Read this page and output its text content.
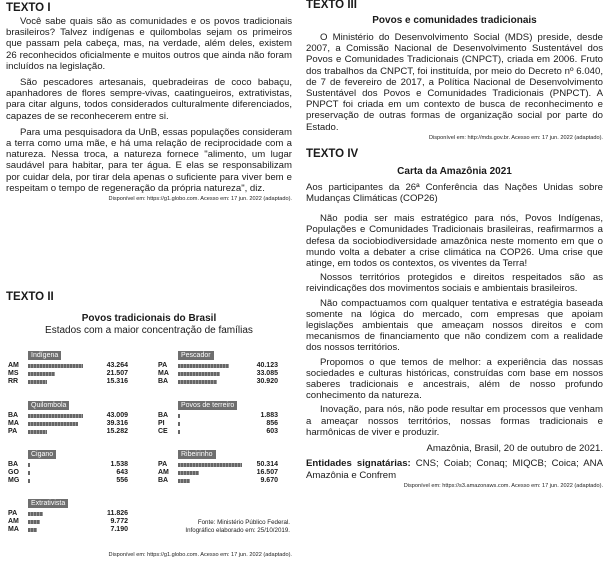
TEXTO I

Você sabe quais são as comunidades e os povos tradicionais brasileiros? Talvez indígenas e quilombolas sejam os primeiros que passam pela cabeça, mas, na verdade, além deles, existem 26 reconhecidos oficialmente e muitos outros que ainda não foram incluídos na legislação.

São pescadores artesanais, quebradeiras de coco babaçu, apanhadores de flores sempre-vivas, caatingueiros, extrativistas, para citar alguns, todos considerados culturalmente diferenciados, capazes de se reconhecerem entre si.

Para uma pesquisadora da UnB, essas populações consideram a terra como uma mãe, e há uma relação de reciprocidade com a natureza. Nessa troca, a natureza fornece "alimento, um lugar saudável para habitar, para ter água. E elas se responsabilizam por cuidar dela, por tirar dela apenas o suficiente para viver bem e respeitam o tempo de regeneração da própria natureza", diz.

Disponível em: https://g1.globo.com. Acesso em: 17 jun. 2022 (adaptado).

TEXTO II

Povos tradicionais do Brasil

Estados com a maior concentração de famílias

Indígena
AM	43.264
MS	21.507
RR	15.316
Quilombola
BA	43.009
MA	39.316
PA	15.282
Cigano
BA	1.538
GO	643
MG	556
Extrativista
PA	11.826
AM	9.772
MA	7.190
Pescador
PA	40.123
MA	33.085
BA	30.920
Povos de terreiro
BA	1.883
PI	856
CE	603
Ribeirinho
PA	50.314
AM	16.507
BA	9.670
Fonte: Ministério Público Federal.
Infográfico elaborado em: 25/10/2019.

Disponível em: https://g1.globo.com. Acesso em: 17 jun. 2022 (adaptado).

TEXTO III

Povos e comunidades tradicionais

O Ministério do Desenvolvimento Social (MDS) preside, desde 2007, a Comissão Nacional de Desenvolvimento Sustentável dos Povos e Comunidades Tradicionais (CNPCT), criada em 2006. Fruto dos trabalhos da CNPCT, foi instituída, por meio do Decreto nº 6.040, de 7 de fevereiro de 2017, a Política Nacional de Desenvolvimento Sustentável dos Povos e Comunidades Tradicionais (PNPCT). A PNPCT foi criada em um contexto de busca de reconhecimento e preservação de outras formas de organização social por parte do Estado.

Disponível em: http://mds.gov.br. Acesso em: 17 jun. 2022 (adaptado).

TEXTO IV

Carta da Amazônia 2021

Aos participantes da 26ª Conferência das Nações Unidas sobre Mudanças Climáticas (COP26)

Não podia ser mais estratégico para nós, Povos Indígenas, Populações e Comunidades Tradicionais brasileiras, reafirmarmos a defesa da sociobiodiversidade amazônica neste momento em que o mundo volta a debater a crise climática na COP26. Uma crise que atinge, em todos os contextos, os viventes da Terra!

Nossos territórios protegidos e direitos respeitados são as reivindicações dos movimentos sociais e ambientais brasileiros.

Não compactuamos com qualquer tentativa e estratégia baseada somente na lógica do mercado, com empresas que apoiam legislações ambientais que ameaçam nossos direitos e com mecanismos de financiamento que não condizem com a realidade dos nossos territórios.

Propomos o que temos de melhor: a experiência das nossas sociedades e culturas históricas, construídas com base em nossos saberes tradicionais e ancestrais, além de nosso profundo conhecimento da natureza.

Inovação, para nós, não pode resultar em processos que venham a ameaçar nossos territórios, nossas formas tradicionais e harmônicas de viver e produzir.

Amazônia, Brasil, 20 de outubro de 2021.

Entidades signatárias: CNS; Coiab; Conaq; MIQCB; Coica; ANA Amazônia e Confrem

Disponível em: https://s3.amazonaws.com. Acesso em: 17 jun. 2022 (adaptado).
